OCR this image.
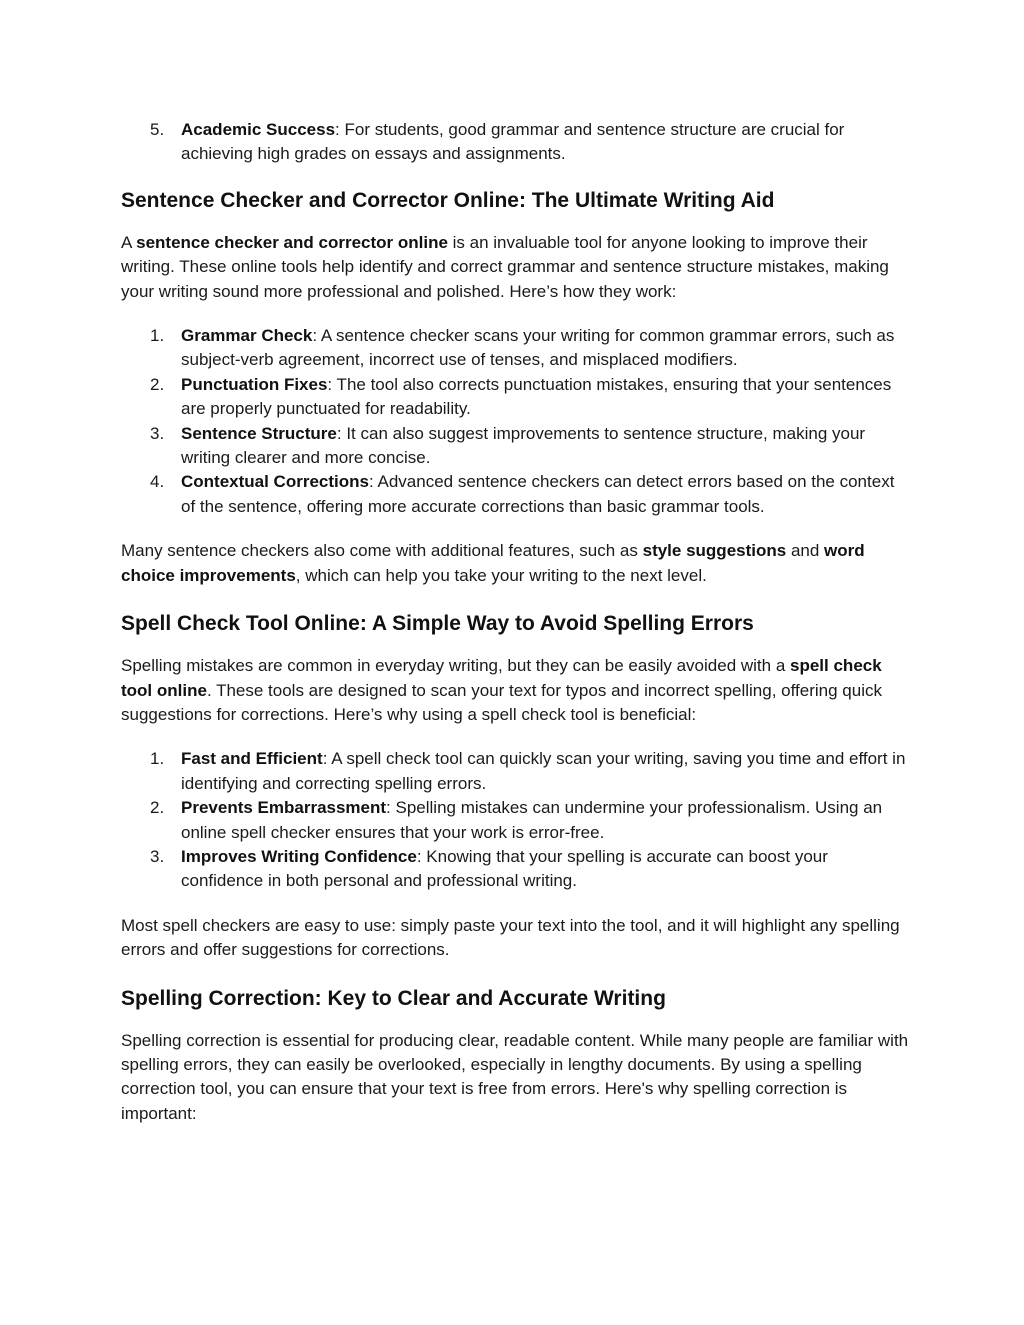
5. Academic Success: For students, good grammar and sentence structure are crucial for achieving high grades on essays and assignments.
Sentence Checker and Corrector Online: The Ultimate Writing Aid

A sentence checker and corrector online is an invaluable tool for anyone looking to improve their writing. These online tools help identify and correct grammar and sentence structure mistakes, making your writing sound more professional and polished. Here’s how they work:

1. Grammar Check: A sentence checker scans your writing for common grammar errors, such as subject-verb agreement, incorrect use of tenses, and misplaced modifiers.
2. Punctuation Fixes: The tool also corrects punctuation mistakes, ensuring that your sentences are properly punctuated for readability.
3. Sentence Structure: It can also suggest improvements to sentence structure, making your writing clearer and more concise.
4. Contextual Corrections: Advanced sentence checkers can detect errors based on the context of the sentence, offering more accurate corrections than basic grammar tools.

Many sentence checkers also come with additional features, such as style suggestions and word choice improvements, which can help you take your writing to the next level.

Spell Check Tool Online: A Simple Way to Avoid Spelling Errors

Spelling mistakes are common in everyday writing, but they can be easily avoided with a spell check tool online. These tools are designed to scan your text for typos and incorrect spelling, offering quick suggestions for corrections. Here’s why using a spell check tool is beneficial:

1. Fast and Efficient: A spell check tool can quickly scan your writing, saving you time and effort in identifying and correcting spelling errors.
2. Prevents Embarrassment: Spelling mistakes can undermine your professionalism. Using an online spell checker ensures that your work is error-free.
3. Improves Writing Confidence: Knowing that your spelling is accurate can boost your confidence in both personal and professional writing.

Most spell checkers are easy to use: simply paste your text into the tool, and it will highlight any spelling errors and offer suggestions for corrections.

Spelling Correction: Key to Clear and Accurate Writing

Spelling correction is essential for producing clear, readable content. While many people are familiar with spelling errors, they can easily be overlooked, especially in lengthy documents. By using a spelling correction tool, you can ensure that your text is free from errors. Here's why spelling correction is important:
